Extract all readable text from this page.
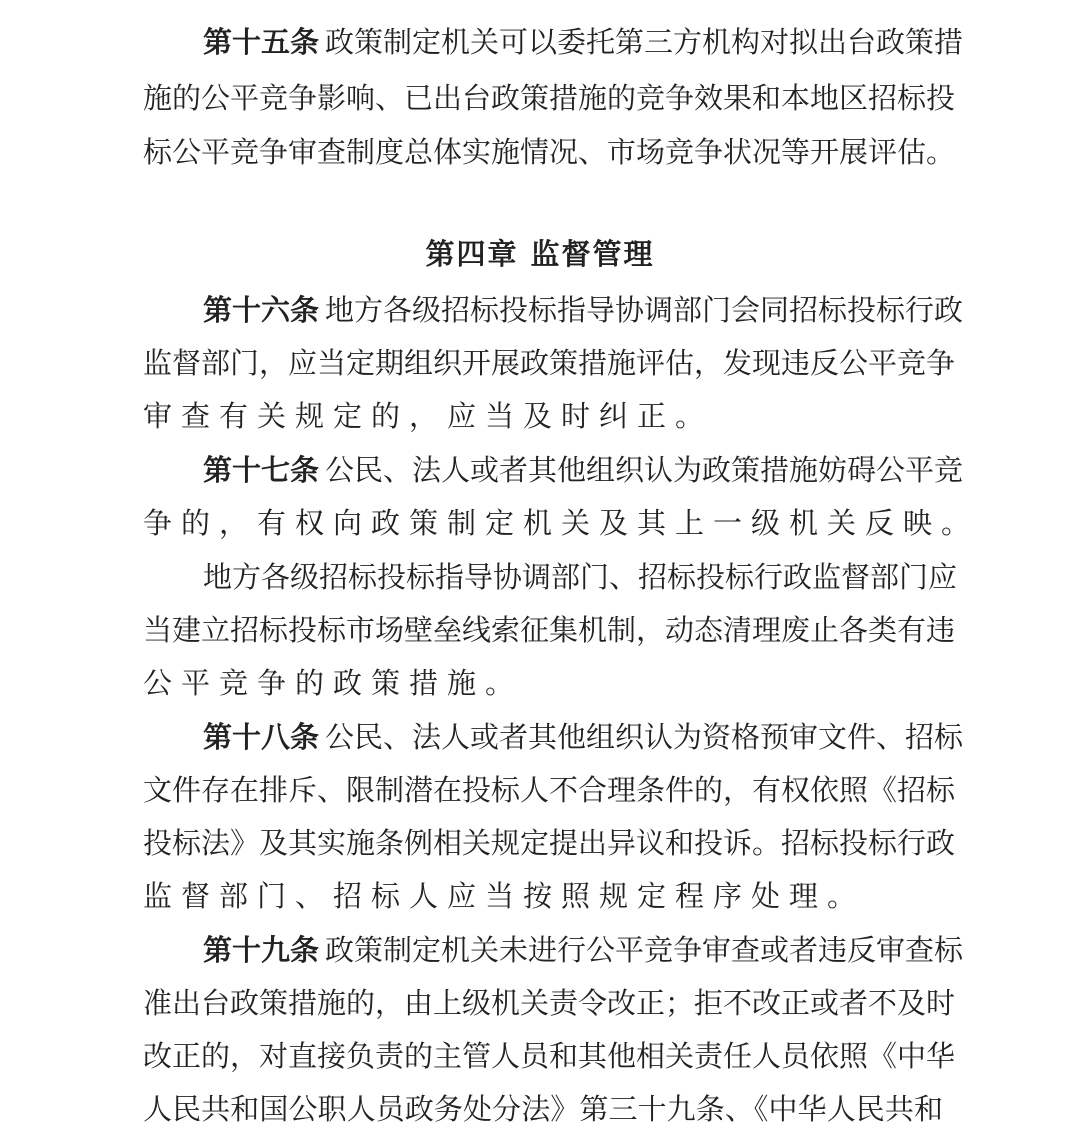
第十五条 政策制定机关可以委托第三方机构对拟出台政策措
施的公平竞争影响、已出台政策措施的竞争效果和本地区招标投
标公平竞争审查制度总体实施情况、市场竞争状况等开展评估。
第四章 监督管理
第十六条 地方各级招标投标指导协调部门会同招标投标行政
监督部门，应当定期组织开展政策措施评估，发现违反公平竞争
审查有关规定的，应当及时纠正。
第十七条 公民、法人或者其他组织认为政策措施妨碍公平竞
争的，有权向政策制定机关及其上一级机关反映。
地方各级招标投标指导协调部门、招标投标行政监督部门应
当建立招标投标市场壁垒线索征集机制，动态清理废止各类有违
公平竞争的政策措施。
第十八条 公民、法人或者其他组织认为资格预审文件、招标
文件存在排斥、限制潜在投标人不合理条件的，有权依照《招标
投标法》及其实施条例相关规定提出异议和投诉。招标投标行政
监督部门、招标人应当按照规定程序处理。
第十九条 政策制定机关未进行公平竞争审查或者违反审查标
准出台政策措施的，由上级机关责令改正；拒不改正或者不及时
改正的，对直接负责的主管人员和其他相关责任人员依照《中华
人民共和国公职人员政务处分法》第三十九条、《中华人民共和
